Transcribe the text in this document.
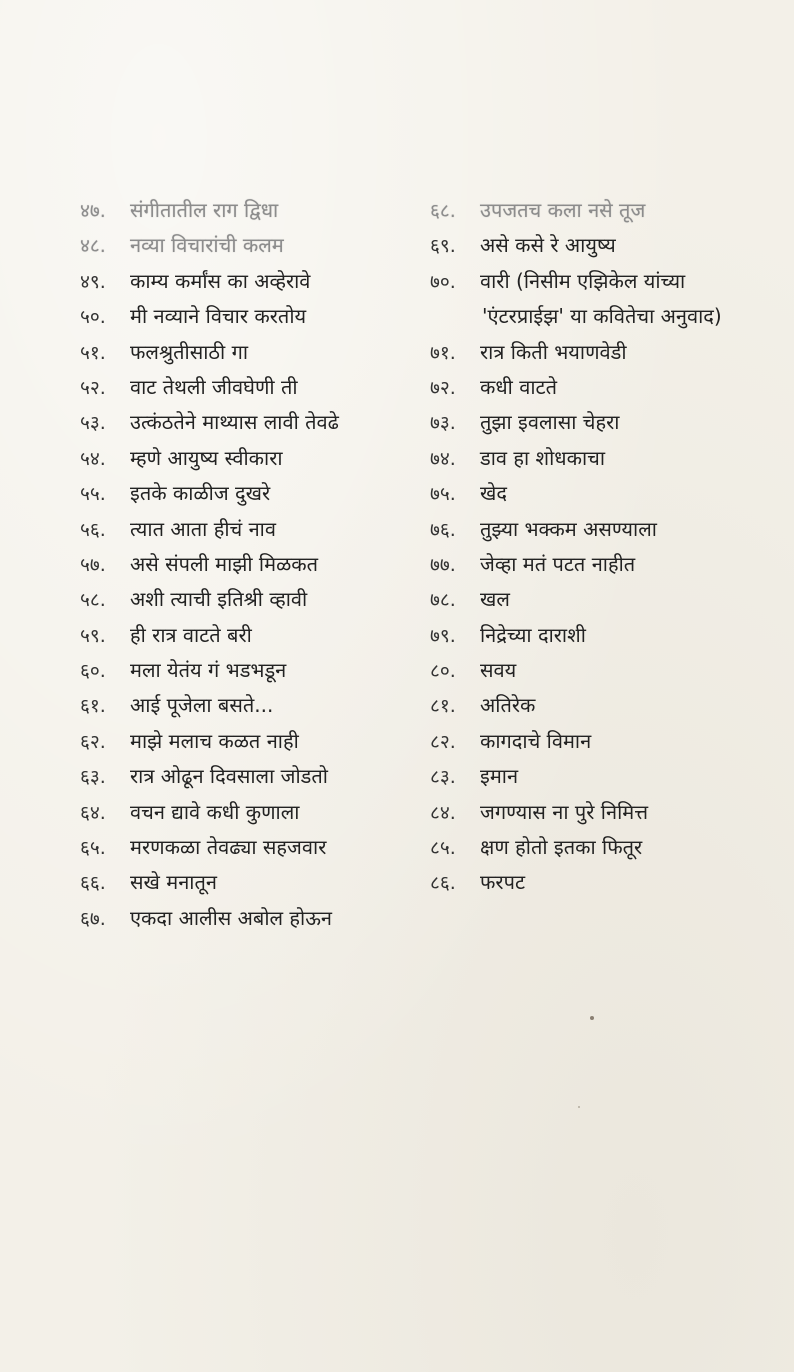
४७.	संगीतातील राग द्विधा
४८.	नव्या विचारांची कलम
४९.	काम्य कर्मांस का अव्हेरावे
५०.	मी नव्याने विचार करतोय
५१.	फलश्रुतीसाठी गा
५२.	वाट तेथली जीवघेणी ती
५३.	उत्कंठतेने माथ्यास लावी तेवढे
५४.	म्हणे आयुष्य स्वीकारा
५५.	इतके काळीज दुखरे
५६.	त्यात आता हीचं नाव
५७.	असे संपली माझी मिळकत
५८.	अशी त्याची इतिश्री व्हावी
५९.	ही रात्र वाटते बरी
६०.	मला येतंय गं भडभडून
६१.	आई पूजेला बसते...
६२.	माझे मलाच कळत नाही
६३.	रात्र ओढून दिवसाला जोडतो
६४.	वचन द्यावे कधी कुणाला
६५.	मरणकळा तेवढ्या सहजवार
६६.	सखे मनातून
६७.	एकदा आलीस अबोल होऊन
६८.	उपजतच कला नसे तूज
६९.	असे कसे रे आयुष्य
७०.	वारी (निसीम एझिकेल यांच्या
'एंटरप्राईझ' या कवितेचा अनुवाद)
७१.	रात्र किती भयाणवेडी
७२.	कधी वाटते
७३.	तुझा इवलासा चेहरा
७४.	डाव हा शोधकाचा
७५.	खेद
७६.	तुझ्या भक्कम असण्याला
७७.	जेव्हा मतं पटत नाहीत
७८.	खल
७९.	निद्रेच्या दाराशी
८०.	सवय
८१.	अतिरेक
८२.	कागदाचे विमान
८३.	इमान
८४.	जगण्यास ना पुरे निमित्त
८५.	क्षण होतो इतका फितूर
८६.	फरपट
